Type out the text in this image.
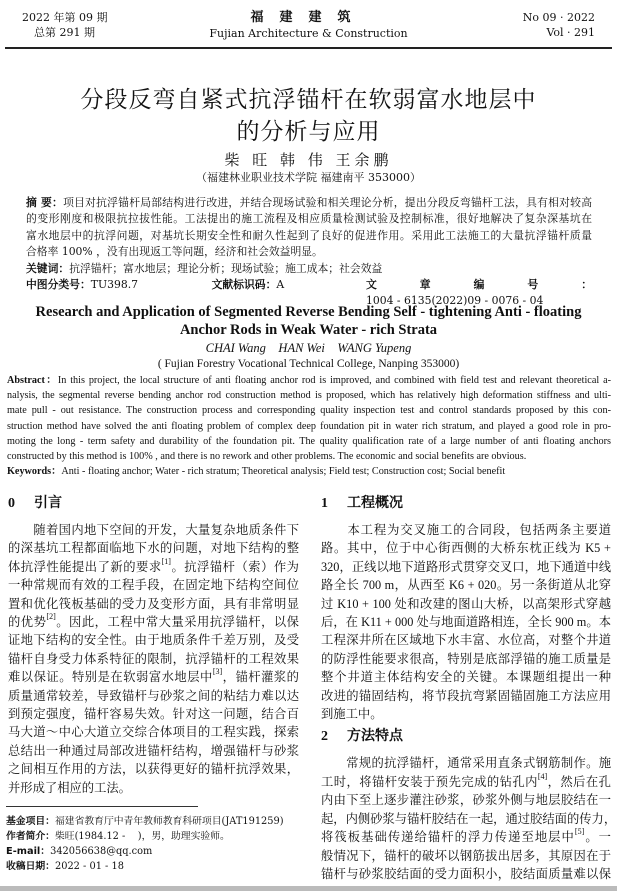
2022 年第 09 期
总第 291 期
福建建筑
Fujian Architecture & Construction
No 09 · 2022
Vol · 291
分段反弯自紧式抗浮锚杆在软弱富水地层中
的分析与应用
柴 旺 韩 伟 王余鹏
（福建林业职业技术学院 福建南平 353000）
摘 要：项目对抗浮锚杆局部结构进行改进，并结合现场试验和相关理论分析，提出分段反弯锚杆工法，具有相对较高
的变形刚度和极限抗拉拔性能。工法提出的施工流程及相应质量检测试验及控制标准，很好地解决了复杂深基坑在
富水地层中的抗浮问题，对基坑长期安全性和耐久性起到了良好的促进作用。采用此工法施工的大量抗浮锚杆质量
合格率 100% ，没有出现返工等问题，经济和社会效益明显。
关键词：抗浮锚杆；富水地层；理论分析；现场试验；施工成本；社会效益
中图分类号：TU398.7	文献标识码：A	文章编号：1004 - 6135(2022)09 - 0076 - 04
Research and Application of Segmented Reverse Bending Self - tightening Anti - floating
Anchor Rods in Weak Water - rich Strata
CHAI Wang    HAN Wei    WANG Yupeng
( Fujian Forestry Vocational Technical College, Nanping 353000)
Abstract：In this project, the local structure of anti floating anchor rod is improved, and combined with field test and relevant theoretical a-
nalysis, the segmental reverse bending anchor rod construction method is proposed, which has relatively high deformation stiffness and ulti-
mate pull - out resistance. The construction process and corresponding quality inspection test and control standards proposed by this con-
struction method have solved the anti floating problem of complex deep foundation pit in water rich stratum, and played a good role in pro-
moting the long - term safety and durability of the foundation pit. The quality qualification rate of a large number of anti floating anchors
constructed by this method is 100% , and there is no rework and other problems. The economic and social benefits are obvious.
Keywords：Anti - floating anchor; Water - rich stratum; Theoretical analysis; Field test; Construction cost; Social benefit
0 引言
　　随着国内地下空间的开发，大量复杂地质条件下
的深基坑工程都面临地下水的问题，对地下结构的整
体抗浮性能提出了新的要求[1]。抗浮锚杆（索）作为
一种常规而有效的工程手段，在固定地下结构空间位
置和优化筏板基础的受力及变形方面，具有非常明显
的优势[2]。因此，工程中常大量采用抗浮锚杆，以保
证地下结构的安全性。由于地质条件千差万别，及受
锚杆自身受力体系特征的限制，抗浮锚杆的工程效果
难以保证。特别是在软弱富水地层中[3]，锚杆灌浆的
质量通常较差，导致锚杆与砂浆之间的粘结力难以达
到预定强度，锚杆容易失效。针对这一问题，结合百
马大道～中心大道立交综合体项目的工程实践，探索
总结出一种通过局部改进锚杆结构，增强锚杆与砂浆
之间相互作用的方法，以获得更好的锚杆抗浮效果，
并形成了相应的工法。
1 工程概况
　　本工程为交叉施工的合同段，包括两条主要道
路。其中，位于中心街西侧的大桥东枕正线为 K5 +
320，正线以地下道路形式贯穿交叉口，地下通道中线
路全长 700 m，从西至 K6 + 020。另一条街道从北穿
过 K10 + 100 处和改建的图山大桥，以高架形式穿越
后，在 K11 + 000 处与地面道路相连，全长 900 m。本
工程深井所在区域地下水丰富、水位高，对整个井道
的防浮性能要求很高，特别是底部浮锚的施工质量是
整个井道主体结构安全的关键。本课题组提出一种
改进的锚固结构，将节段抗弯紧固锚固施工方法应用
到施工中。
2 方法特点
　　常规的抗浮锚杆，通常采用直条式钢筋制作。施
工时，将锚杆安装于预先完成的钻孔内[4]，然后在孔
内由下至上逐步灌注砂浆，砂浆外侧与地层胶结在一
起，内侧砂浆与锚杆胶结在一起，通过胶结面的传力，
将筏板基础传递给锚杆的浮力传递至地层中[5]。一
般情况下，锚杆的破坏以钢筋拔出居多，其原因在于
锚杆与砂浆胶结面的受力面积小，胶结面质量难以保
基金项目：福建省教育厅中青年教师教育科研项目(JAT191259)
作者简介：柴旺(1984.12 -    )，男，助理实验师。
E-mail：342056638@qq.com
收稿日期：2022 - 01 - 18
